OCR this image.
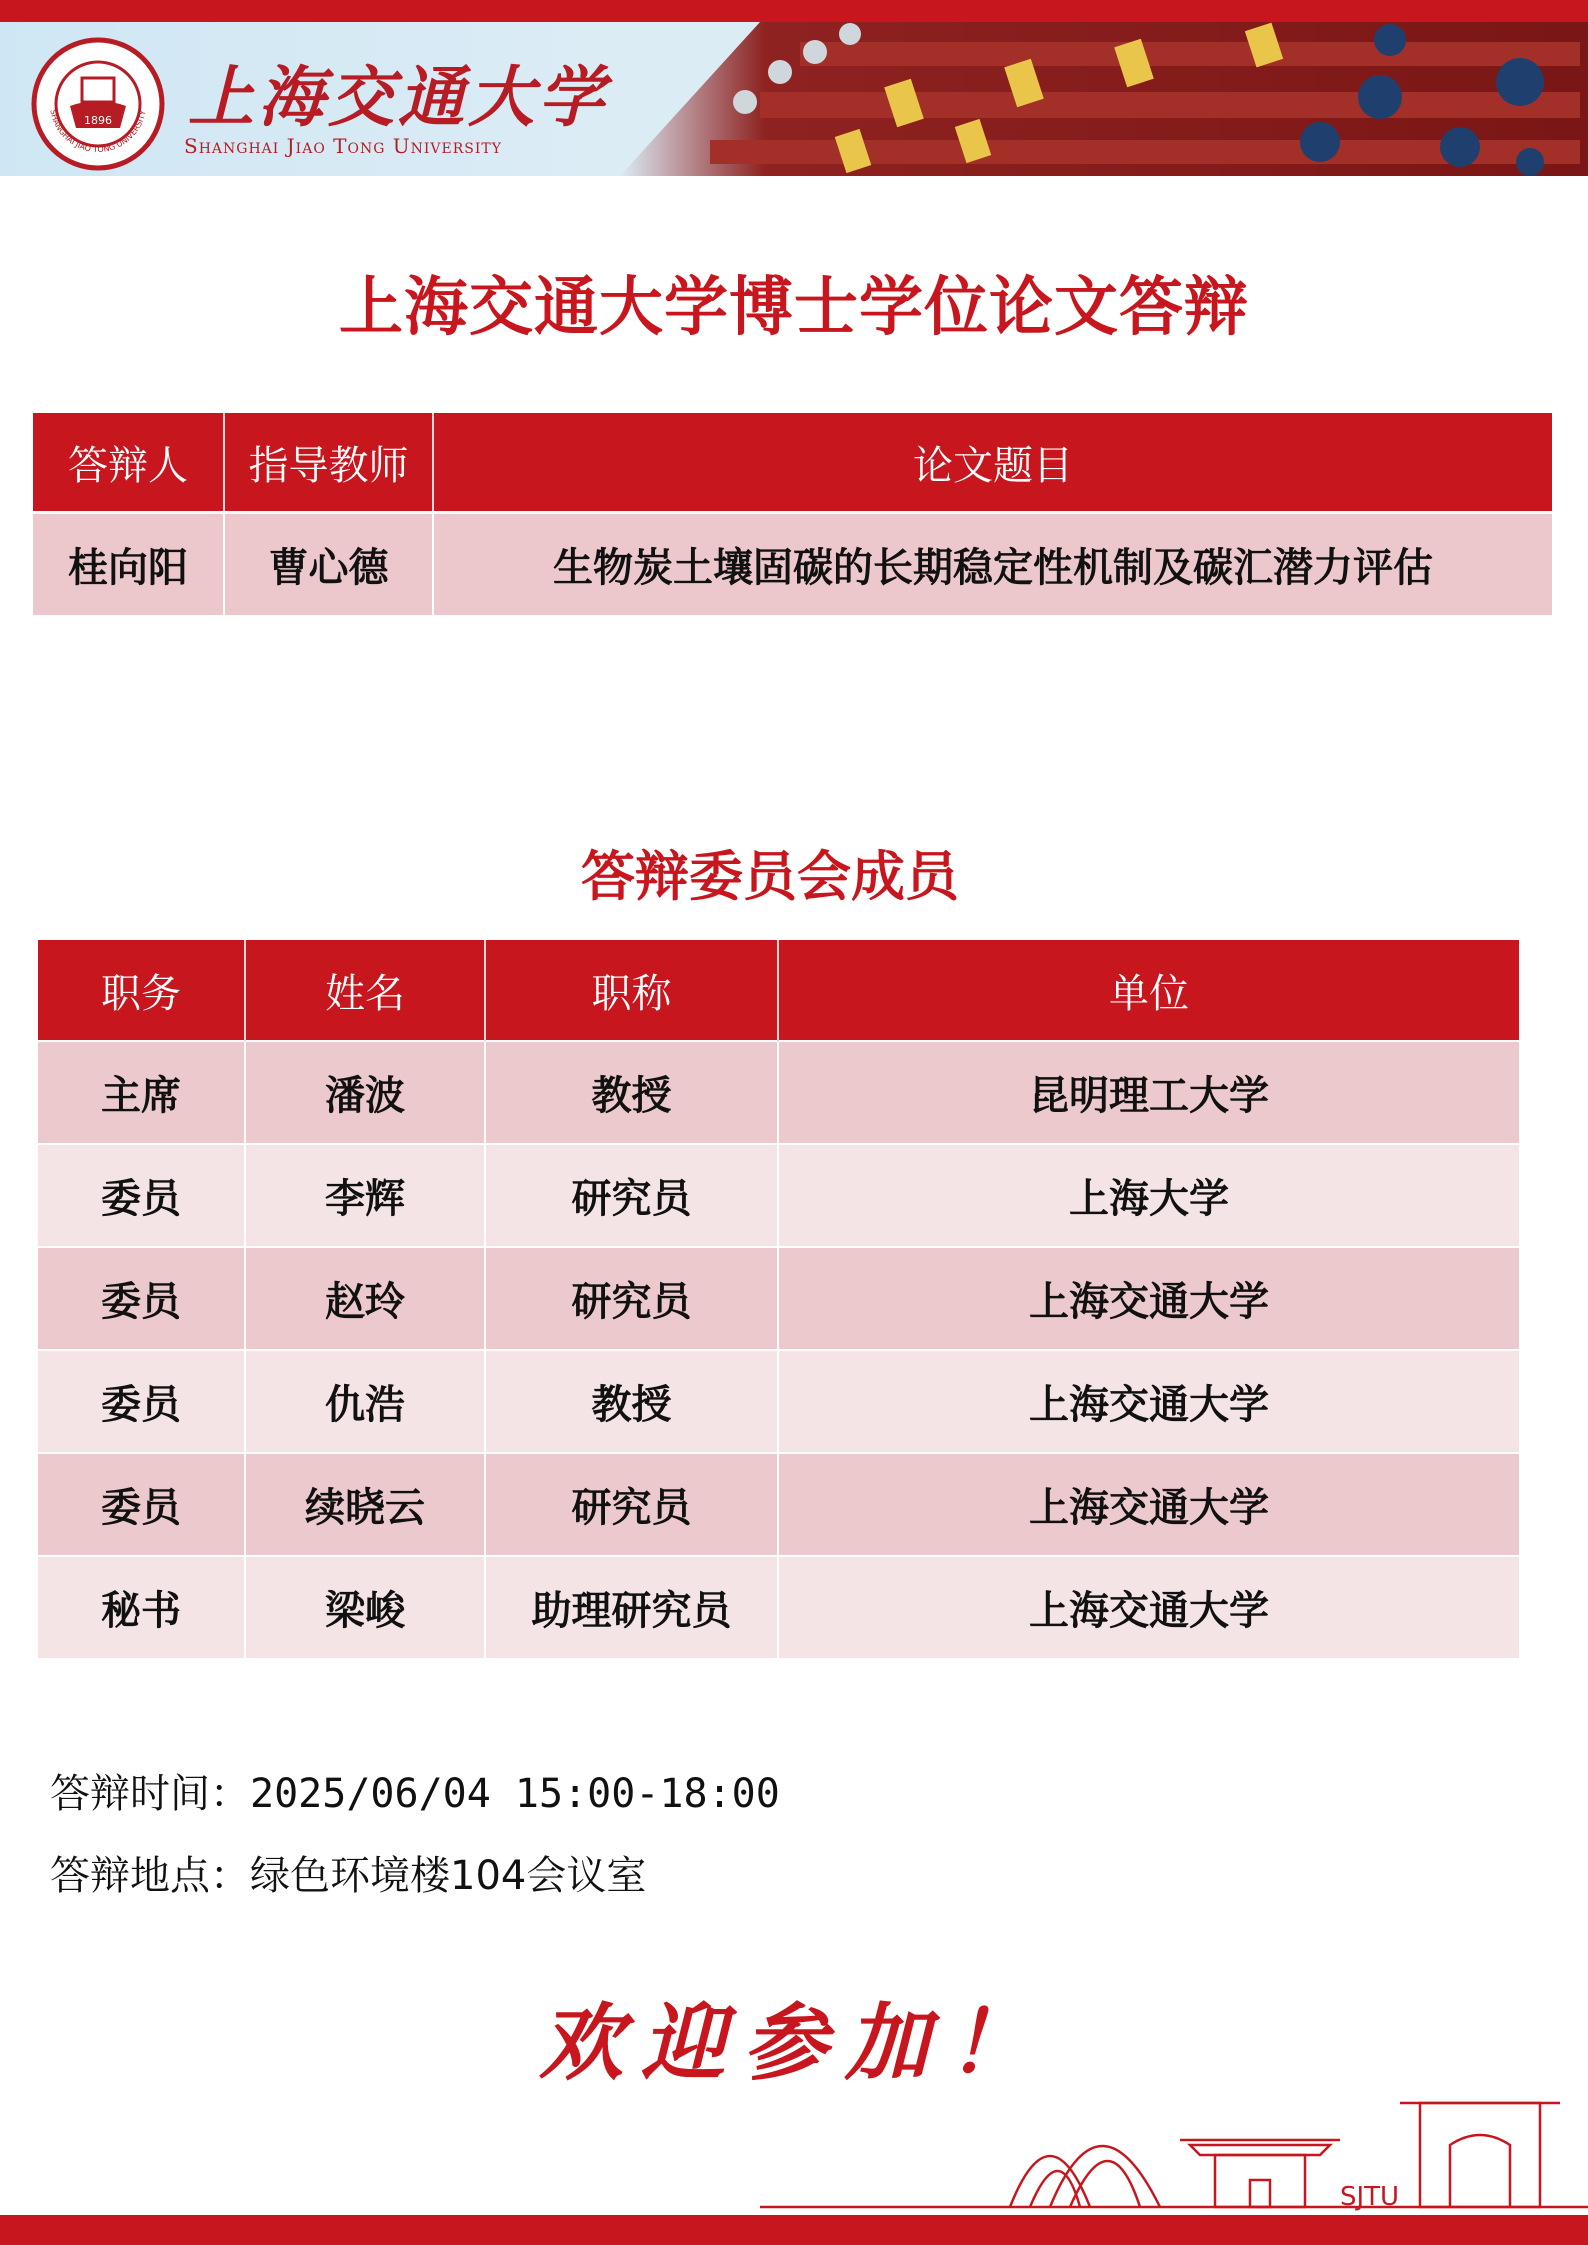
SHANGHAI JIAO TONG UNIVERSITY
1896 上海交通大学
Shanghai Jiao Tong University
上海交通大学博士学位论文答辩
答辩人	指导教师	论文题目
桂向阳	曹心德	生物炭土壤固碳的长期稳定性机制及碳汇潜力评估
答辩委员会成员
职务	姓名	职称	单位
主席	潘波	教授	昆明理工大学
委员	李辉	研究员	上海大学
委员	赵玲	研究员	上海交通大学
委员	仇浩	教授	上海交通大学
委员	续晓云	研究员	上海交通大学
秘书	梁峻	助理研究员	上海交通大学
答辩时间：2025/06/04 15:00-18:00
答辩地点：绿色环境楼104会议室
欢迎参加！
SJTU
